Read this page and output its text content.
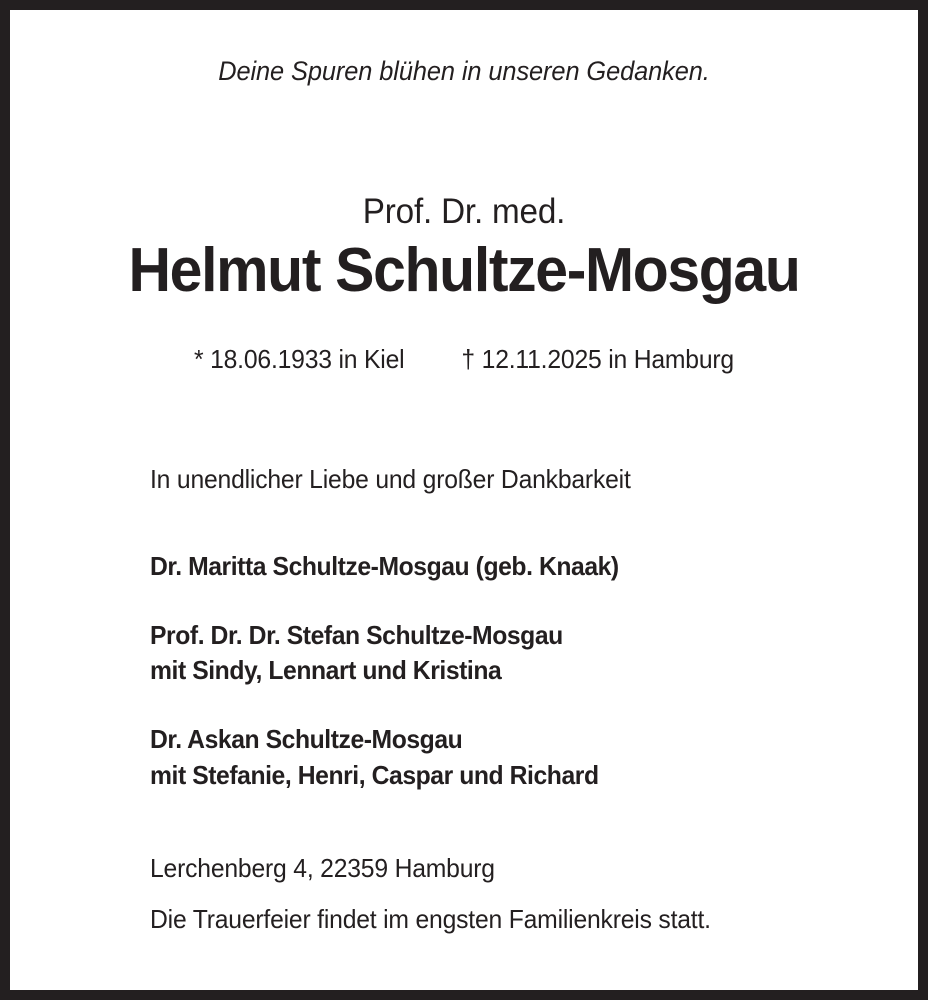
Deine Spuren blühen in unseren Gedanken.
Prof. Dr. med.
Helmut Schultze-Mosgau
* 18.06.1933 in Kiel † 12.11.2025 in Hamburg
In unendlicher Liebe und großer Dankbarkeit
Dr. Maritta Schultze-Mosgau (geb. Knaak)
Prof. Dr. Dr. Stefan Schultze-Mosgau
mit Sindy, Lennart und Kristina
Dr. Askan Schultze-Mosgau
mit Stefanie, Henri, Caspar und Richard
Lerchenberg 4, 22359 Hamburg
Die Trauerfeier findet im engsten Familienkreis statt.
